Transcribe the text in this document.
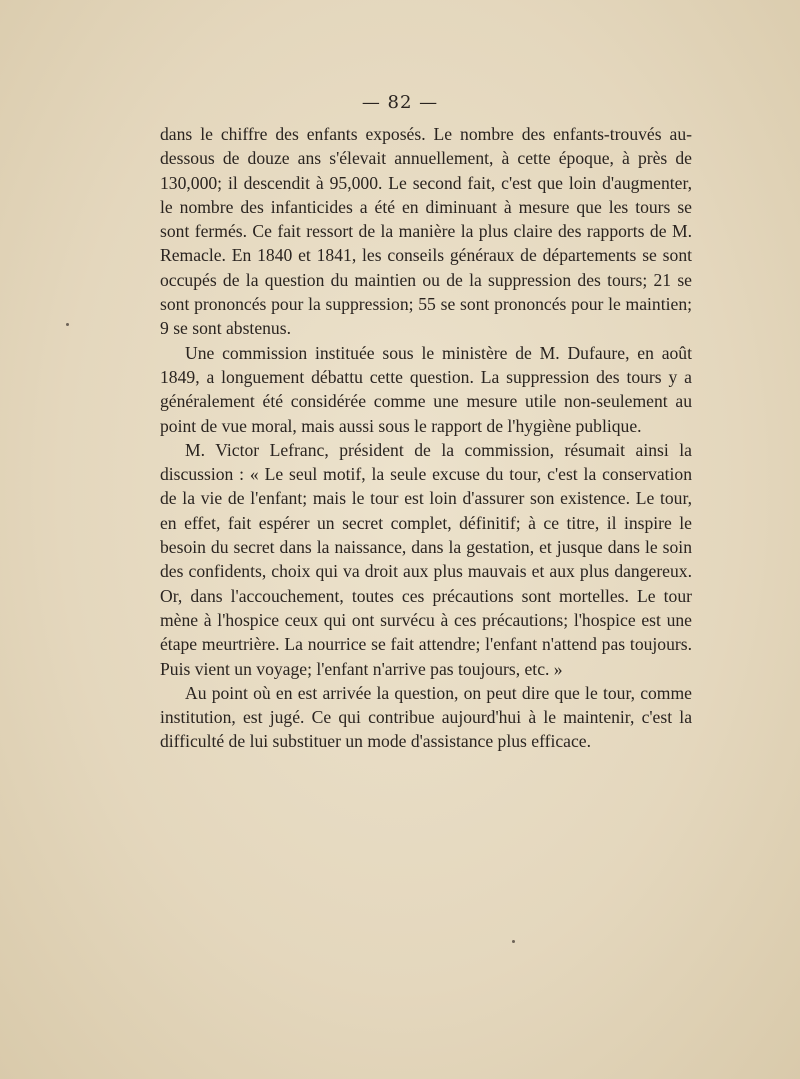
— 82 —

dans le chiffre des enfants exposés. Le nombre des enfants-trouvés au-dessous de douze ans s'élevait annuellement, à cette époque, à près de 130,000; il descendit à 95,000. Le second fait, c'est que loin d'augmenter, le nombre des infanticides a été en diminuant à mesure que les tours se sont fermés. Ce fait ressort de la manière la plus claire des rapports de M. Remacle. En 1840 et 1841, les conseils généraux de départements se sont occupés de la question du maintien ou de la suppression des tours; 21 se sont prononcés pour la suppression; 55 se sont prononcés pour le maintien; 9 se sont abstenus.

Une commission instituée sous le ministère de M. Dufaure, en août 1849, a longuement débattu cette question. La suppression des tours y a généralement été considérée comme une mesure utile non-seulement au point de vue moral, mais aussi sous le rapport de l'hygiène publique.

M. Victor Lefranc, président de la commission, résumait ainsi la discussion : « Le seul motif, la seule excuse du tour, c'est la conservation de la vie de l'enfant; mais le tour est loin d'assurer son existence. Le tour, en effet, fait espérer un secret complet, définitif; à ce titre, il inspire le besoin du secret dans la naissance, dans la gestation, et jusque dans le soin des confidents, choix qui va droit aux plus mauvais et aux plus dangereux. Or, dans l'accouchement, toutes ces précautions sont mortelles. Le tour mène à l'hospice ceux qui ont survécu à ces précautions; l'hospice est une étape meurtrière. La nourrice se fait attendre; l'enfant n'attend pas toujours. Puis vient un voyage; l'enfant n'arrive pas toujours, etc. »

Au point où en est arrivée la question, on peut dire que le tour, comme institution, est jugé. Ce qui contribue aujourd'hui à le maintenir, c'est la difficulté de lui substituer un mode d'assistance plus efficace.
